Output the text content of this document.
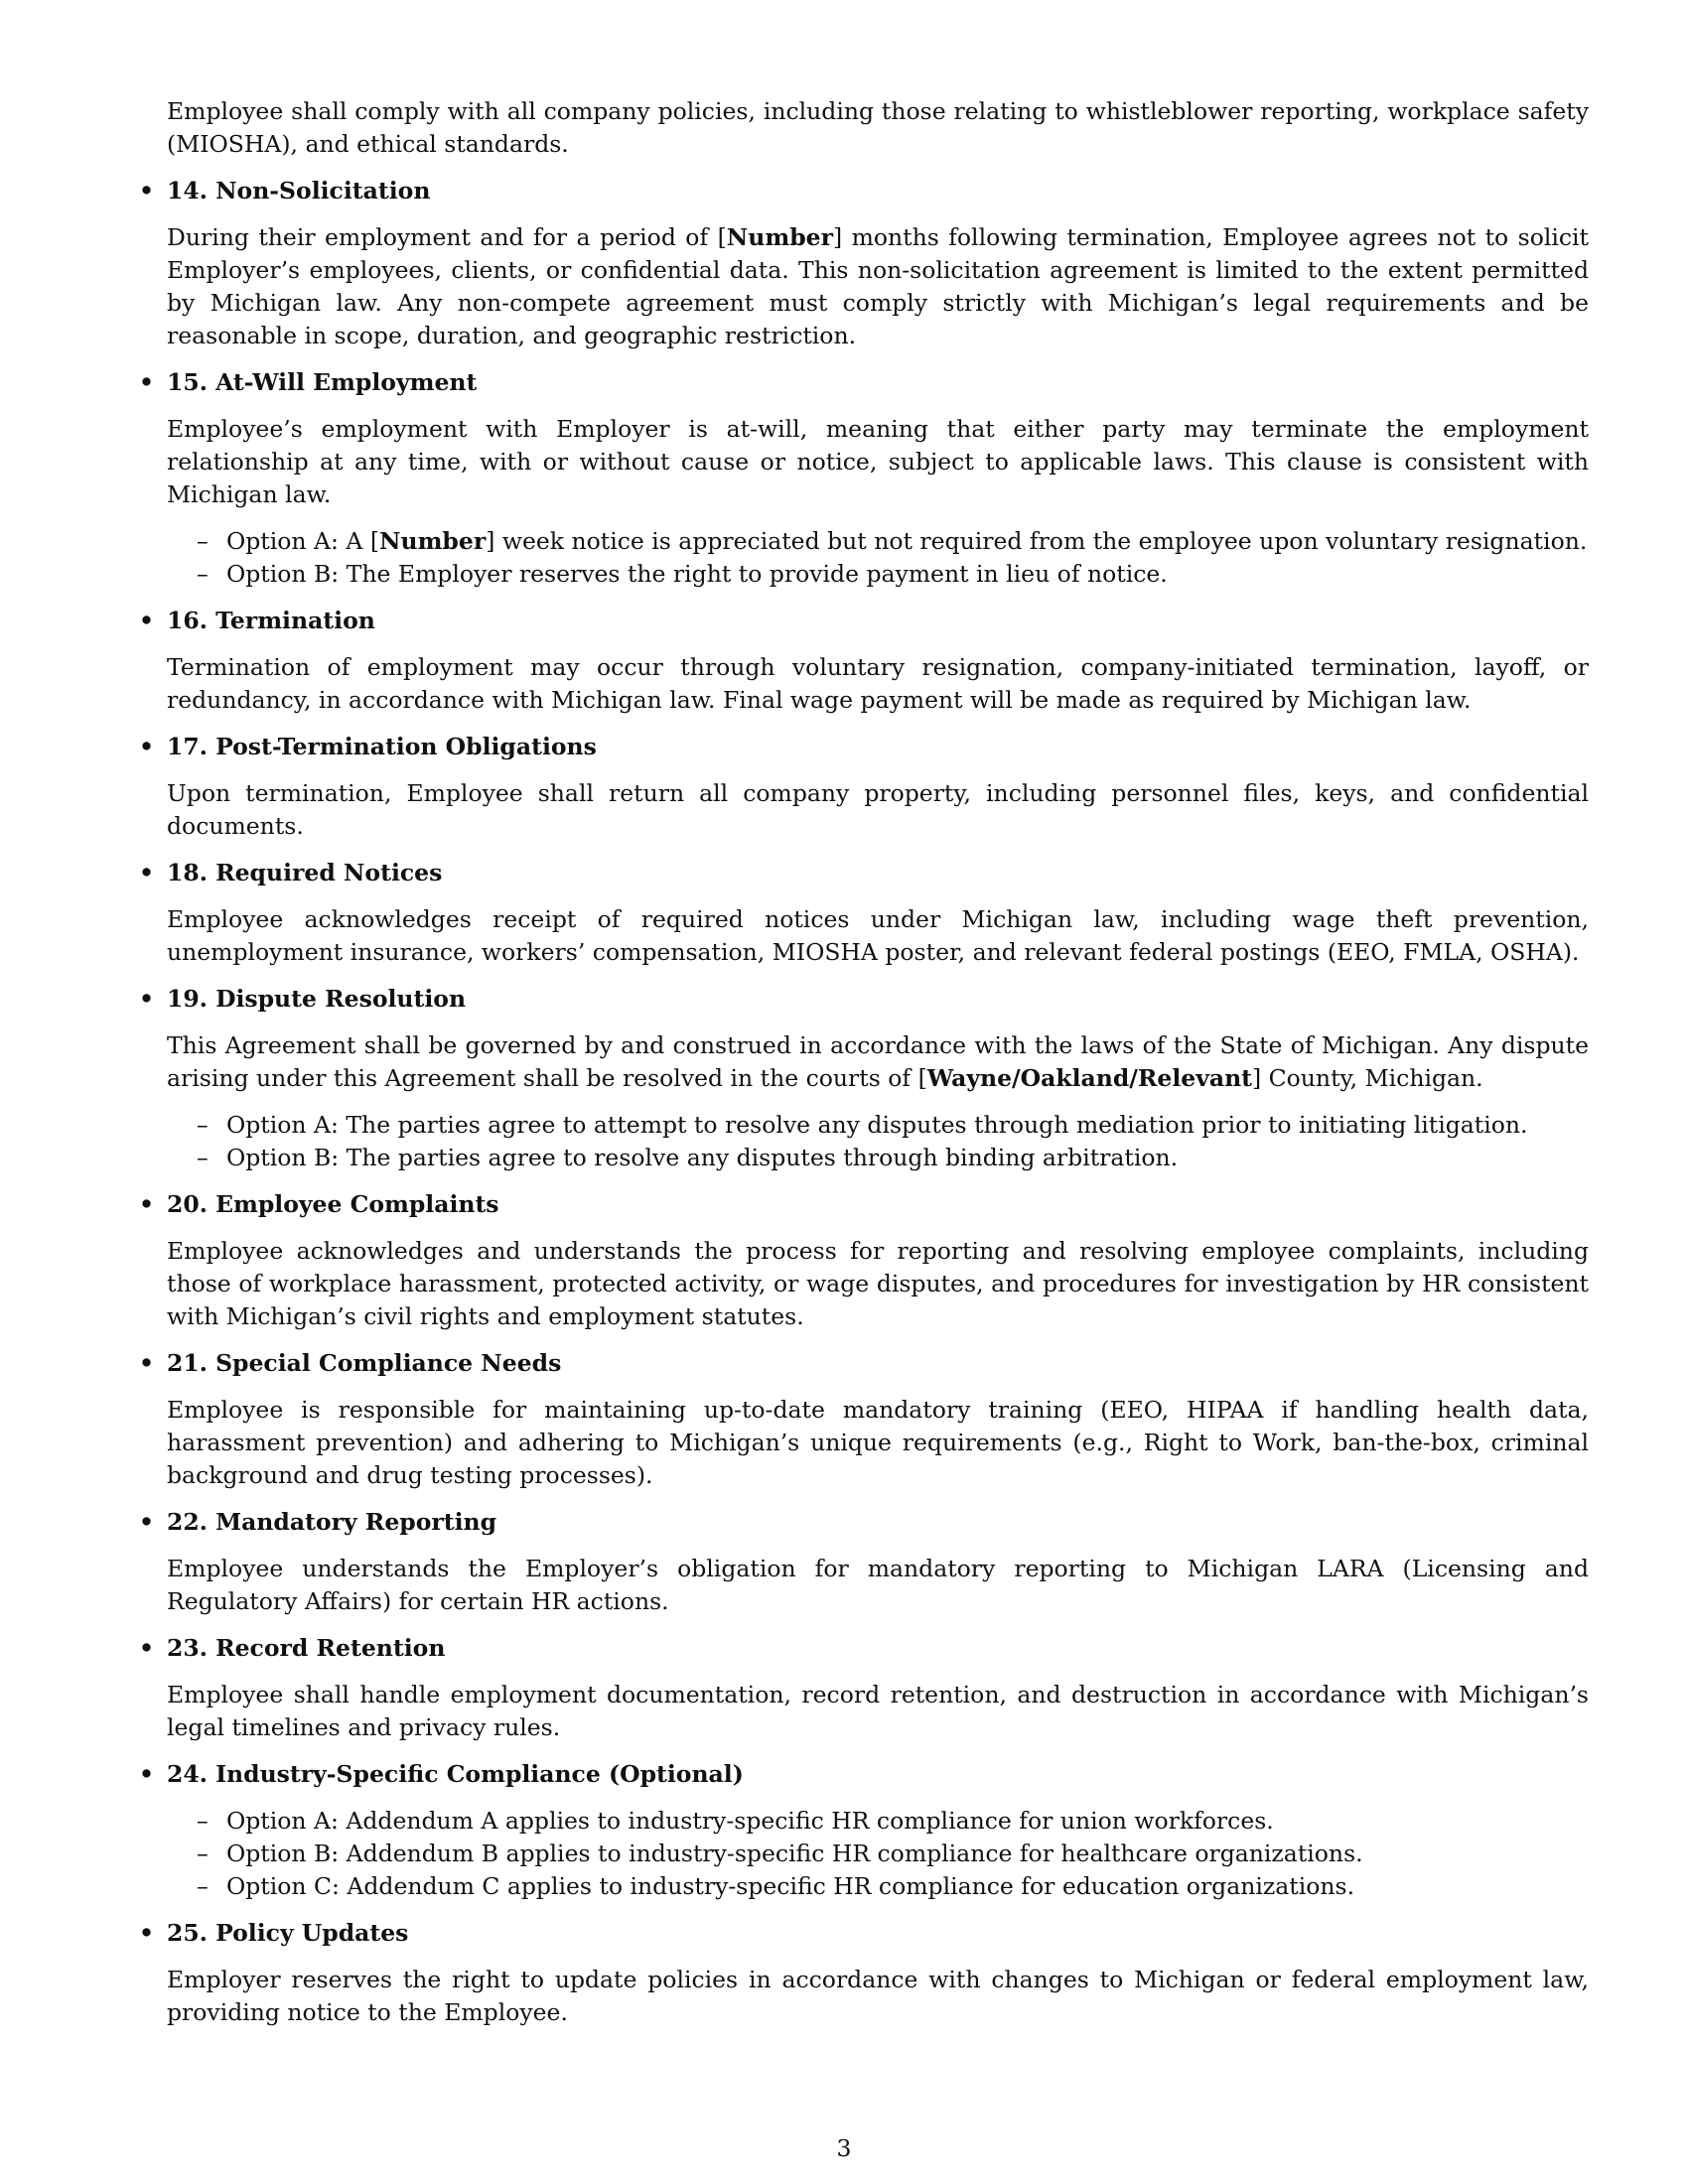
Employee shall comply with all company policies, including those relating to whistleblower reporting, workplace safety (MIOSHA), and ethical standards.

• 14. Non-Solicitation

During their employment and for a period of [Number] months following termination, Employee agrees not to solicit Employer’s employees, clients, or confidential data. This non-solicitation agreement is limited to the extent permitted by Michigan law. Any non-compete agreement must comply strictly with Michigan’s legal requirements and be reasonable in scope, duration, and geographic restriction.

• 15. At-Will Employment

Employee’s employment with Employer is at-will, meaning that either party may terminate the employment relationship at any time, with or without cause or notice, subject to applicable laws. This clause is consistent with Michigan law.

– Option A: A [Number] week notice is appreciated but not required from the employee upon voluntary resignation.
– Option B: The Employer reserves the right to provide payment in lieu of notice.
• 16. Termination

Termination of employment may occur through voluntary resignation, company-initiated termination, layoff, or redundancy, in accordance with Michigan law. Final wage payment will be made as required by Michigan law.

• 17. Post-Termination Obligations

Upon termination, Employee shall return all company property, including personnel files, keys, and confidential documents.

• 18. Required Notices

Employee acknowledges receipt of required notices under Michigan law, including wage theft prevention, unemployment insurance, workers’ compensation, MIOSHA poster, and relevant federal postings (EEO, FMLA, OSHA).

• 19. Dispute Resolution

This Agreement shall be governed by and construed in accordance with the laws of the State of Michigan. Any dispute arising under this Agreement shall be resolved in the courts of [Wayne/Oakland/Relevant] County, Michigan.

– Option A: The parties agree to attempt to resolve any disputes through mediation prior to initiating litigation.
– Option B: The parties agree to resolve any disputes through binding arbitration.
• 20. Employee Complaints

Employee acknowledges and understands the process for reporting and resolving employee complaints, including those of workplace harassment, protected activity, or wage disputes, and procedures for investigation by HR consistent with Michigan’s civil rights and employment statutes.

• 21. Special Compliance Needs

Employee is responsible for maintaining up-to-date mandatory training (EEO, HIPAA if handling health data, harassment prevention) and adhering to Michigan’s unique requirements (e.g., Right to Work, ban-the-box, criminal background and drug testing processes).

• 22. Mandatory Reporting

Employee understands the Employer’s obligation for mandatory reporting to Michigan LARA (Licensing and Regulatory Affairs) for certain HR actions.

• 23. Record Retention

Employee shall handle employment documentation, record retention, and destruction in accordance with Michigan’s legal timelines and privacy rules.

• 24. Industry-Specific Compliance (Optional)
– Option A: Addendum A applies to industry-specific HR compliance for union workforces.
– Option B: Addendum B applies to industry-specific HR compliance for healthcare organizations.
– Option C: Addendum C applies to industry-specific HR compliance for education organizations.
• 25. Policy Updates

Employer reserves the right to update policies in accordance with changes to Michigan or federal employment law, providing notice to the Employee.

3
